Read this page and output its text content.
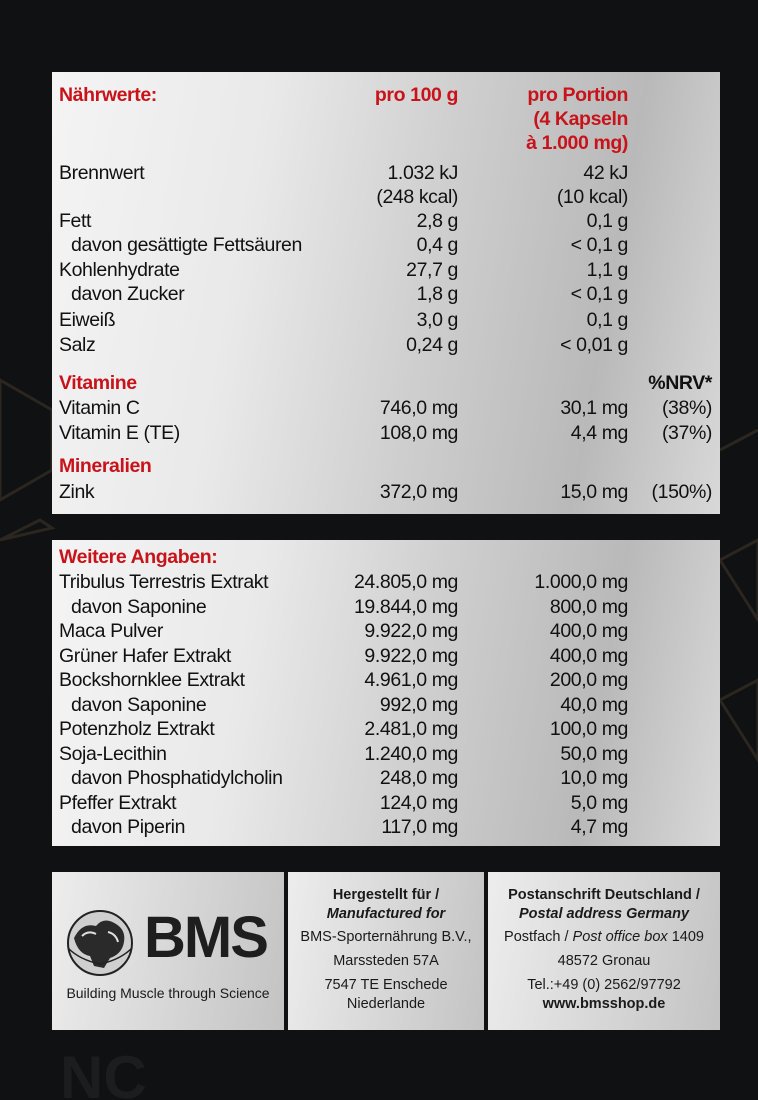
NC
Nährwerte:	pro 100 g	pro Portion
(4 Kapseln
à 1.000 mg)
Brennwert	1.032 kJ	42 kJ
(248 kcal)	(10 kcal)
Fett	2,8 g	0,1 g
davon gesättigte Fettsäuren	0,4 g	< 0,1 g
Kohlenhydrate	27,7 g	1,1 g
davon Zucker	1,8 g	< 0,1 g
Eiweiß	3,0 g	0,1 g
Salz	0,24 g	< 0,01 g
Vitamine	%NRV*
Vitamin C	746,0 mg	30,1 mg (38%)
Vitamin E (TE)	108,0 mg	4,4 mg (37%)
Mineralien
Zink	372,0 mg	15,0 mg (150%)
Weitere Angaben:
Tribulus Terrestris Extrakt	24.805,0 mg	1.000,0 mg
davon Saponine	19.844,0 mg	800,0 mg
Maca Pulver	9.922,0 mg	400,0 mg
Grüner Hafer Extrakt	9.922,0 mg	400,0 mg
Bockshornklee Extrakt	4.961,0 mg	200,0 mg
davon Saponine	992,0 mg	40,0 mg
Potenzholz Extrakt	2.481,0 mg	100,0 mg
Soja-Lecithin	1.240,0 mg	50,0 mg
davon Phosphatidylcholin	248,0 mg	10,0 mg
Pfeffer Extrakt	124,0 mg	5,0 mg
davon Piperin	117,0 mg	4,7 mg
BMS
Building Muscle through Science
Hergestellt für /
Manufactured for
BMS-Sporternährung B.V.,
Marssteden 57A
7547 TE Enschede
Niederlande
Postanschrift Deutschland /
Postal address Germany
Postfach / Post office box 1409
48572 Gronau
Tel.:+49 (0) 2562/97792
www.bmsshop.de
